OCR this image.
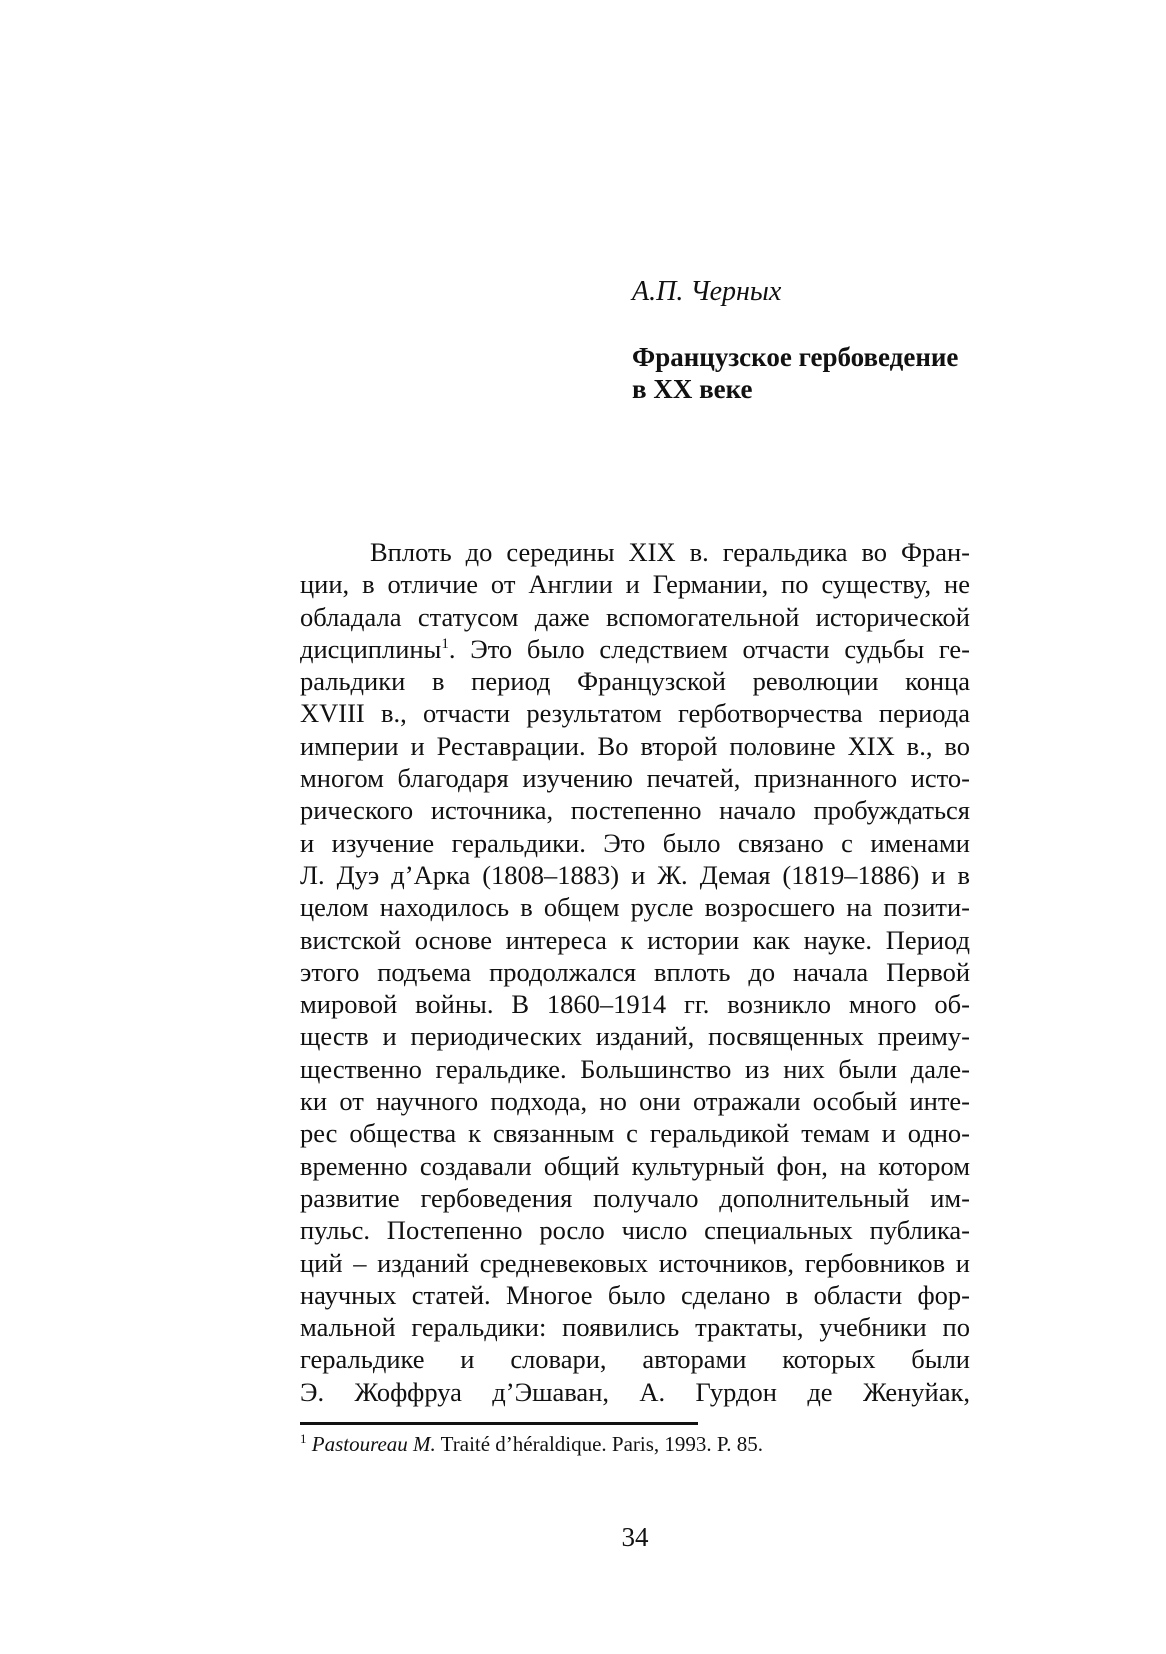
А.П. Черных

Французское гербоведение
в XX веке
Вплоть до середины XIX в. геральдика во Фран-
ции, в отличие от Англии и Германии, по существу, не
обладала статусом даже вспомогательной исторической
дисциплины$^1$. Это было следствием отчасти судьбы ге-
ральдики в период Французской революции конца
XVIII в., отчасти результатом герботворчества периода
империи и Реставрации. Во второй половине XIX в., во
многом благодаря изучению печатей, признанного исто-
рического источника, постепенно начало пробуждаться
и изучение геральдики. Это было связано с именами
Л. Дуэ д’Арка (1808–1883) и Ж. Демая (1819–1886) и в
целом находилось в общем русле возросшего на позити-
вистской основе интереса к истории как науке. Период
этого подъема продолжался вплоть до начала Первой
мировой войны. В 1860–1914 гг. возникло много об-
ществ и периодических изданий, посвященных преиму-
щественно геральдике. Большинство из них были дале-
ки от научного подхода, но они отражали особый инте-
рес общества к связанным с геральдикой темам и одно-
временно создавали общий культурный фон, на котором
развитие гербоведения получало дополнительный им-
пульс. Постепенно росло число специальных публика-
ций – изданий средневековых источников, гербовников и
научных статей. Многое было сделано в области фор-
мальной геральдики: появились трактаты, учебники по
геральдике и словари, авторами которых были
Э. Жоффруа д’Эшаван, А. Гурдон де Женуйак,

$^1$ Pastoureau M. Traité d’héraldique. Paris, 1993. P. 85.

34
